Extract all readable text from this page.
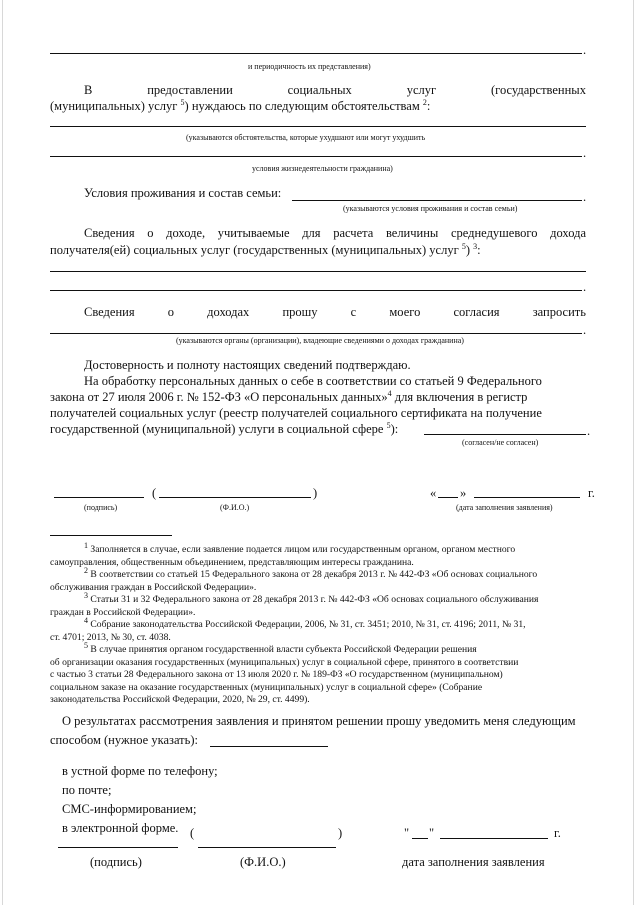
.
и периодичность их представления)
В	предоставлении	социальных	услуг	(государственных
(муниципальных) услуг $^5$) нуждаюсь по следующим обстоятельствам $^2$:
(указываются обстоятельства, которые ухудшают или могут ухудшить
.
условия жизнедеятельности гражданина)
Условия проживания и состав семьи:	.
(указываются условия проживания и состав семьи)
Сведения о доходе, учитываемые для расчета величины среднедушевого дохода
получателя(ей) социальных услуг (государственных (муниципальных) услуг $^5$) $^3$:
.
Сведения	о	доходах	прошу	с	моего	согласия	запросить
.
(указываются органы (организации), владеющие сведениями о доходах гражданина)
Достоверность и полноту настоящих сведений подтверждаю.
На обработку персональных данных о себе в соответствии со статьей 9 Федерального
закона от 27 июля 2006 г. № 152-ФЗ «О персональных данных»$^4$ для включения в регистр
получателей социальных услуг (реестр получателей социального сертификата на получение
государственной (муниципальной) услуги в социальной сфере $^5$):	.
(согласен/не согласен)
(	)	« »	г.
(подпись)	(Ф.И.О.)	(дата заполнения заявления)
$^1$ Заполняется в случае, если заявление подается лицом или государственным органом, органом местного
самоуправления, общественным объединением, представляющим интересы гражданина.
$^2$ В соответствии со статьей 15 Федерального закона от 28 декабря 2013 г. № 442-ФЗ «Об основах социального
обслуживания граждан в Российской Федерации».
$^3$ Статьи 31 и 32 Федерального закона от 28 декабря 2013 г. № 442-ФЗ «Об основах социального обслуживания
граждан в Российской Федерации».
$^4$ Собрание законодательства Российской Федерации, 2006, № 31, ст. 3451; 2010, № 31, ст. 4196; 2011, № 31,
ст. 4701; 2013, № 30, ст. 4038.
$^5$ В случае принятия органом государственной власти субъекта Российской Федерации решения
об организации оказания государственных (муниципальных) услуг в социальной сфере, принятого в соответствии
с частью 3 статьи 28 Федерального закона от 13 июля 2020 г. № 189-ФЗ «О государственном (муниципальном)
социальном заказе на оказание государственных (муниципальных) услуг в социальной сфере» (Собрание
законодательства Российской Федерации, 2020, № 29, ст. 4499).
О результатах рассмотрения заявления и принятом решении прошу уведомить меня следующим
способом (нужное указать):
в устной форме по телефону;
по почте;
СМС-информированием;
в электронной форме. (	)	" "	г.
(подпись)	(Ф.И.О.)	дата заполнения заявления
